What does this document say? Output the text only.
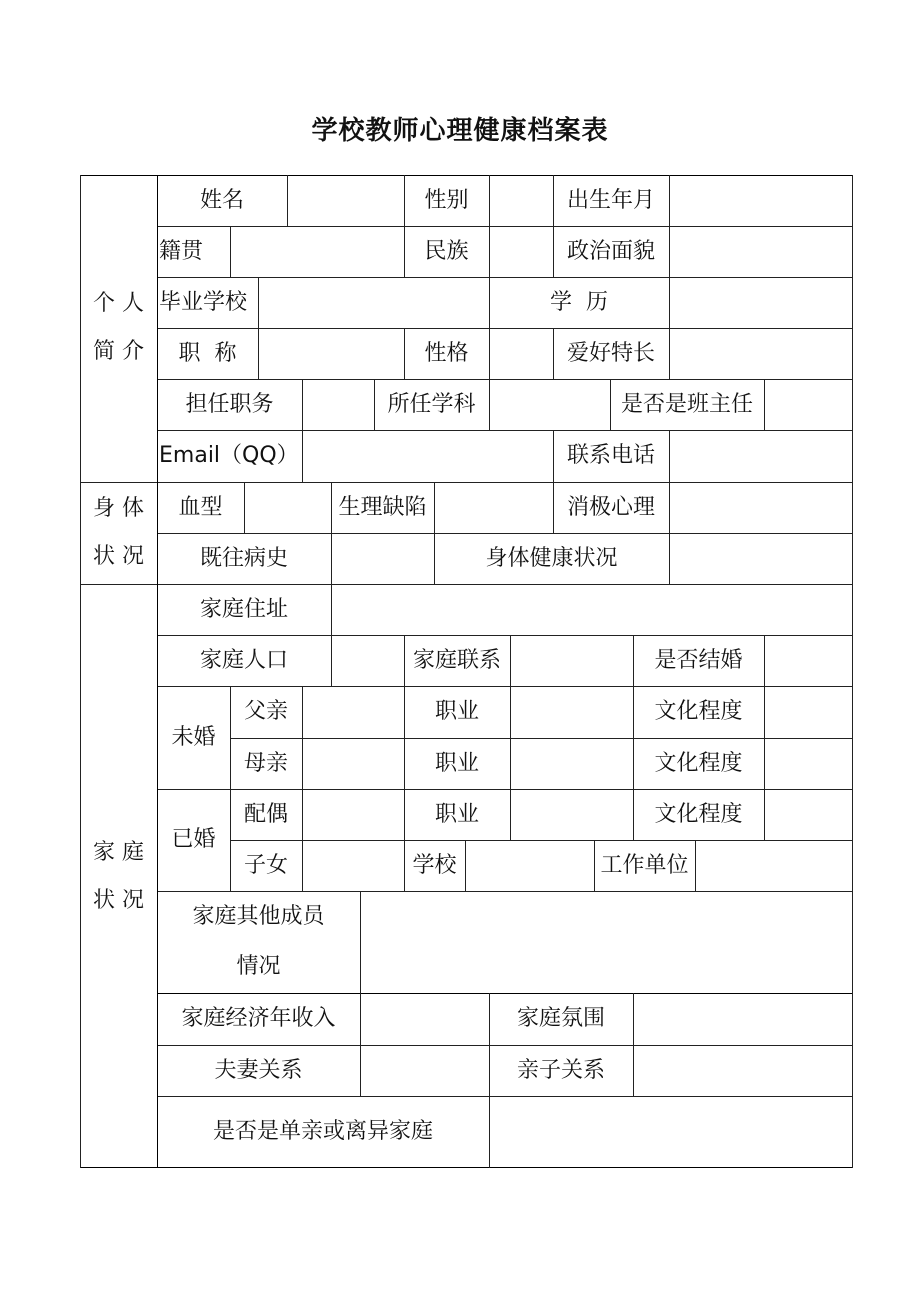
学校教师心理健康档案表
个 人
简 介
身 体
状 况
家 庭
状 况
姓名	性别	出生年月
籍贯	民族	政治面貌
毕业学校	学  历
职  称	性格	爱好特长
担任职务	所任学科	是否是班主任
Email（QQ）	联系电话
血型	生理缺陷	消极心理
既往病史	身体健康状况
家庭住址
家庭人口	家庭联系	是否结婚
未婚
父亲	职业	文化程度
母亲	职业	文化程度
已婚
配偶	职业	文化程度
子女	学校	工作单位
家庭其他成员
情况
家庭经济年收入	家庭氛围
夫妻关系	亲子关系
是否是单亲或离异家庭
